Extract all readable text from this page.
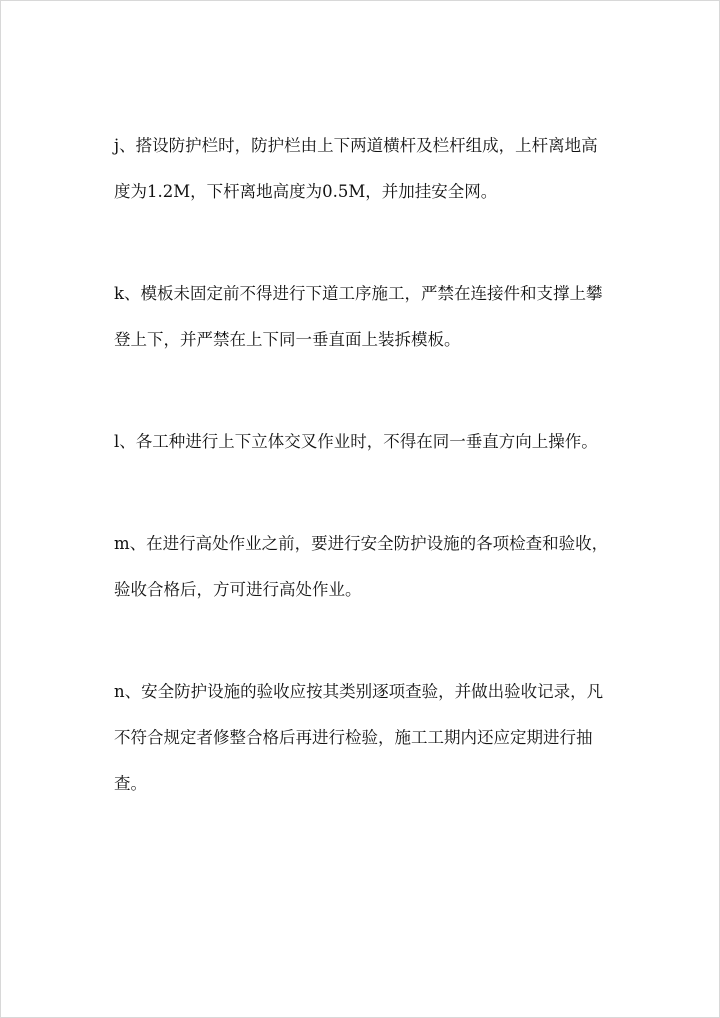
j、搭设防护栏时，防护栏由上下两道横杆及栏杆组成，上杆离地高
度为1.2M，下杆离地高度为0.5M，并加挂安全网。

k、模板未固定前不得进行下道工序施工，严禁在连接件和支撑上攀
登上下，并严禁在上下同一垂直面上装拆模板。

l、各工种进行上下立体交叉作业时，不得在同一垂直方向上操作。

m、在进行高处作业之前，要进行安全防护设施的各项检查和验收，
验收合格后，方可进行高处作业。

n、安全防护设施的验收应按其类别逐项查验，并做出验收记录，凡
不符合规定者修整合格后再进行检验，施工工期内还应定期进行抽
查。
